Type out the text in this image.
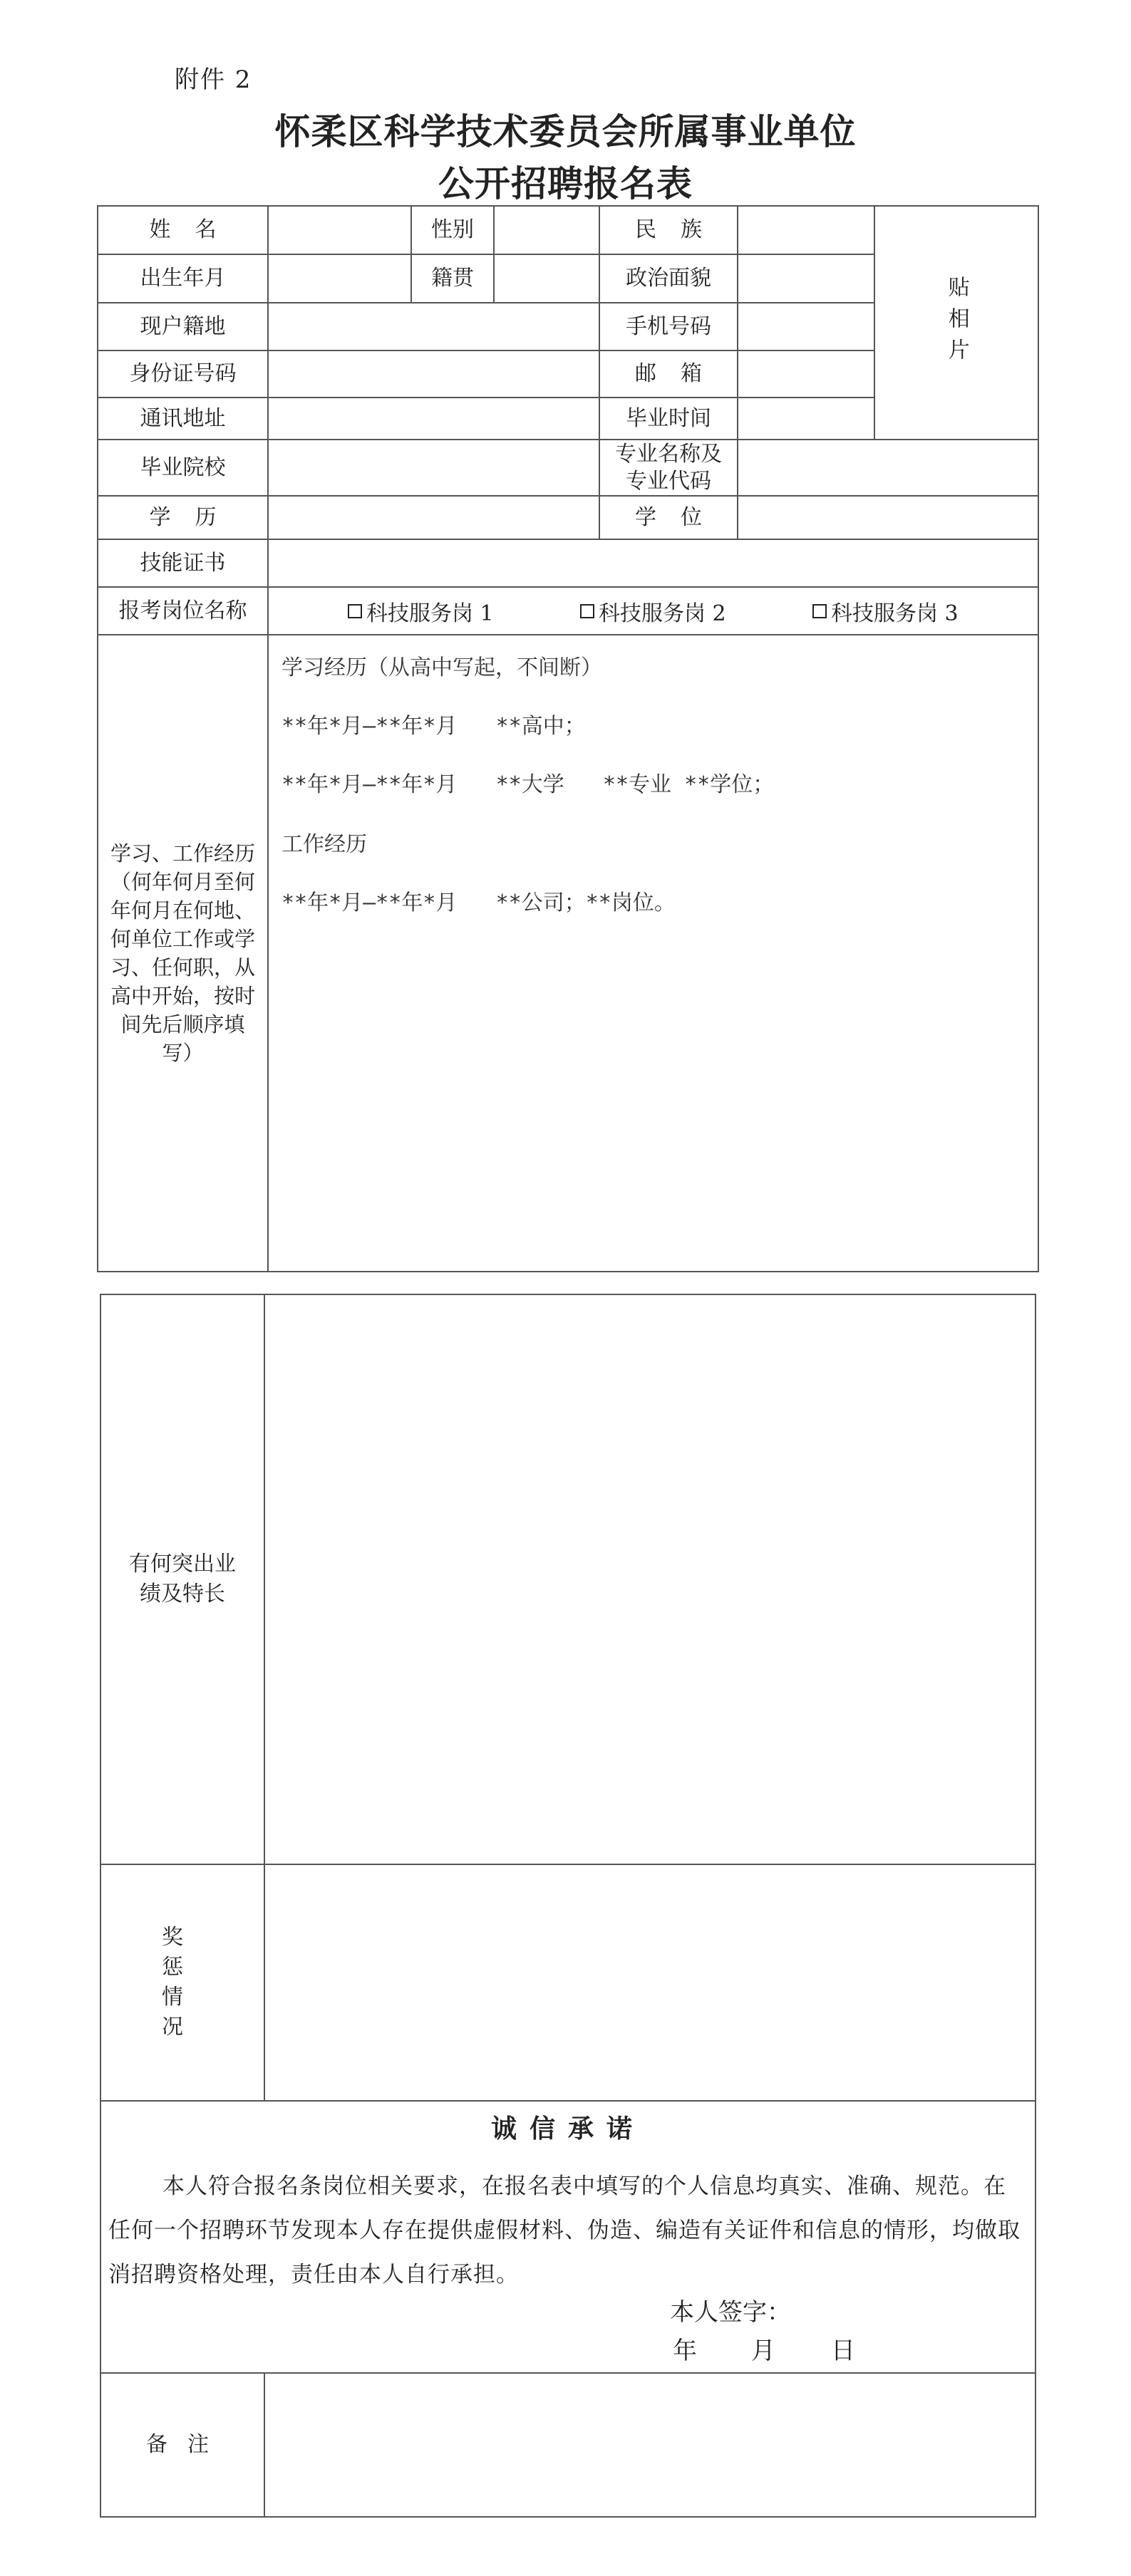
附件 2
怀柔区科学技术委员会所属事业单位
公开招聘报名表
姓名	性别	民族
贴相片
出生年月	籍贯	政治面貌
现户籍地	手机号码
身份证号码	邮箱
通讯地址	毕业时间
毕业院校
专业名称及专业代码
学历	学位
技能证书
报考岗位名称	科技服务岗 1	科技服务岗 2	科技服务岗 3
学习、工作经历（何年何月至何年何月在何地、何单位工作或学习、任何职，从高中开始，按时间先后顺序填写）
学习经历（从高中写起，不间断）
**年*月—**年*月   **高中；
**年*月—**年*月   **大学   **专业 **学位；
工作经历
**年*月—**年*月   **公司；**岗位。
有何突出业绩及特长
奖惩情况
诚信承诺
本人符合报名条岗位相关要求，在报名表中填写的个人信息均真实、准确、规范。在任何一个招聘环节发现本人存在提供虚假材料、伪造、编造有关证件和信息的情形，均做取消招聘资格处理，责任由本人自行承担。
本人签字：
年 月 日
备注
